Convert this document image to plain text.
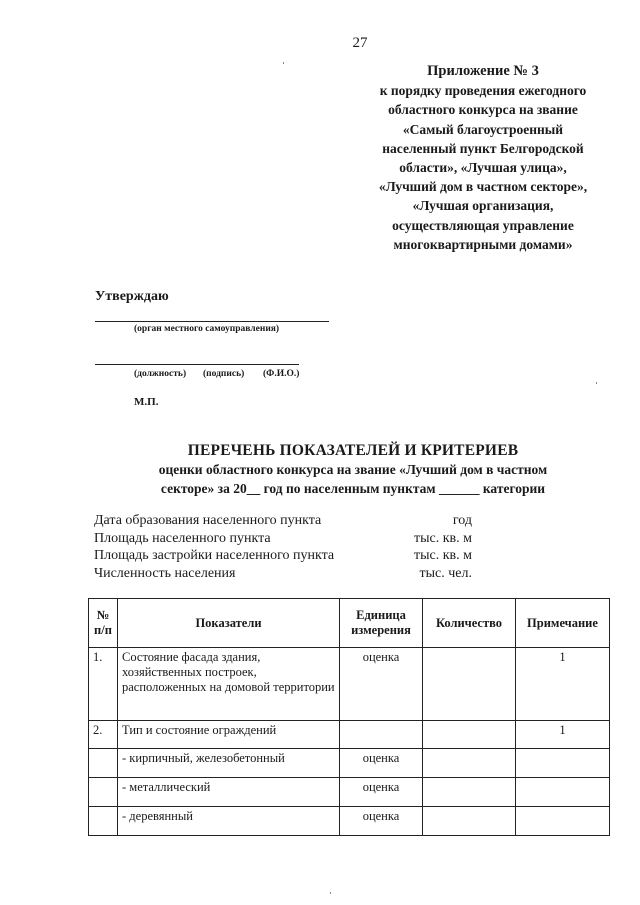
27
Приложение № 3
к порядку проведения ежегодного
областного конкурса на звание
«Самый благоустроенный
населенный пункт Белгородской
области», «Лучшая улица»,
«Лучший дом в частном секторе»,
«Лучшая организация,
осуществляющая управление
многоквартирными домами»
Утверждаю
(орган местного самоуправления)
(должность) (подпись) (Ф.И.О.)
М.П.
ПЕРЕЧЕНЬ ПОКАЗАТЕЛЕЙ И КРИТЕРИЕВ
оценки областного конкурса на звание «Лучший дом в частном
секторе» за 20__ год по населенным пунктам ______ категории
Дата образования населенного пункта	год
Площадь населенного пункта	тыс. кв. м
Площадь застройки населенного пункта	тыс. кв. м
Численность населения	тыс. чел.
№ п/п	Показатели	Единица измерения	Количество	Примечание
1.	Состояние фасада здания, хозяйственных построек, расположенных на домовой территории	оценка		1
2.	Тип и состояние ограждений			1
	- кирпичный, железобетонный	оценка		
	- металлический	оценка		
	- деревянный	оценка		
